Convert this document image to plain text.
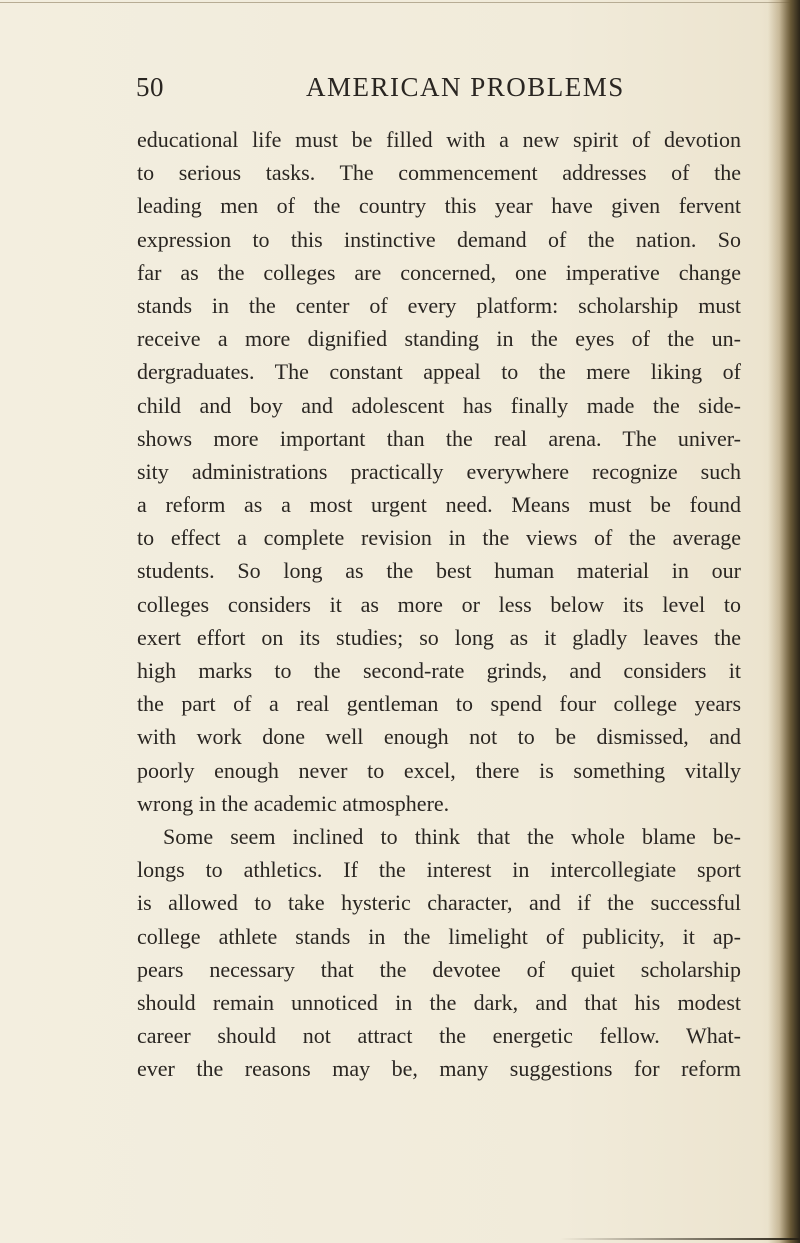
50	AMERICAN PROBLEMS
educational life must be filled with a new spirit of devotion
to serious tasks. The commencement addresses of the
leading men of the country this year have given fervent
expression to this instinctive demand of the nation. So
far as the colleges are concerned, one imperative change
stands in the center of every platform: scholarship must
receive a more dignified standing in the eyes of the un-
dergraduates. The constant appeal to the mere liking of
child and boy and adolescent has finally made the side-
shows more important than the real arena. The univer-
sity administrations practically everywhere recognize such
a reform as a most urgent need. Means must be found
to effect a complete revision in the views of the average
students. So long as the best human material in our
colleges considers it as more or less below its level to
exert effort on its studies; so long as it gladly leaves the
high marks to the second-rate grinds, and considers it
the part of a real gentleman to spend four college years
with work done well enough not to be dismissed, and
poorly enough never to excel, there is something vitally
wrong in the academic atmosphere.
Some seem inclined to think that the whole blame be-
longs to athletics. If the interest in intercollegiate sport
is allowed to take hysteric character, and if the successful
college athlete stands in the limelight of publicity, it ap-
pears necessary that the devotee of quiet scholarship
should remain unnoticed in the dark, and that his modest
career should not attract the energetic fellow. What-
ever the reasons may be, many suggestions for reform
